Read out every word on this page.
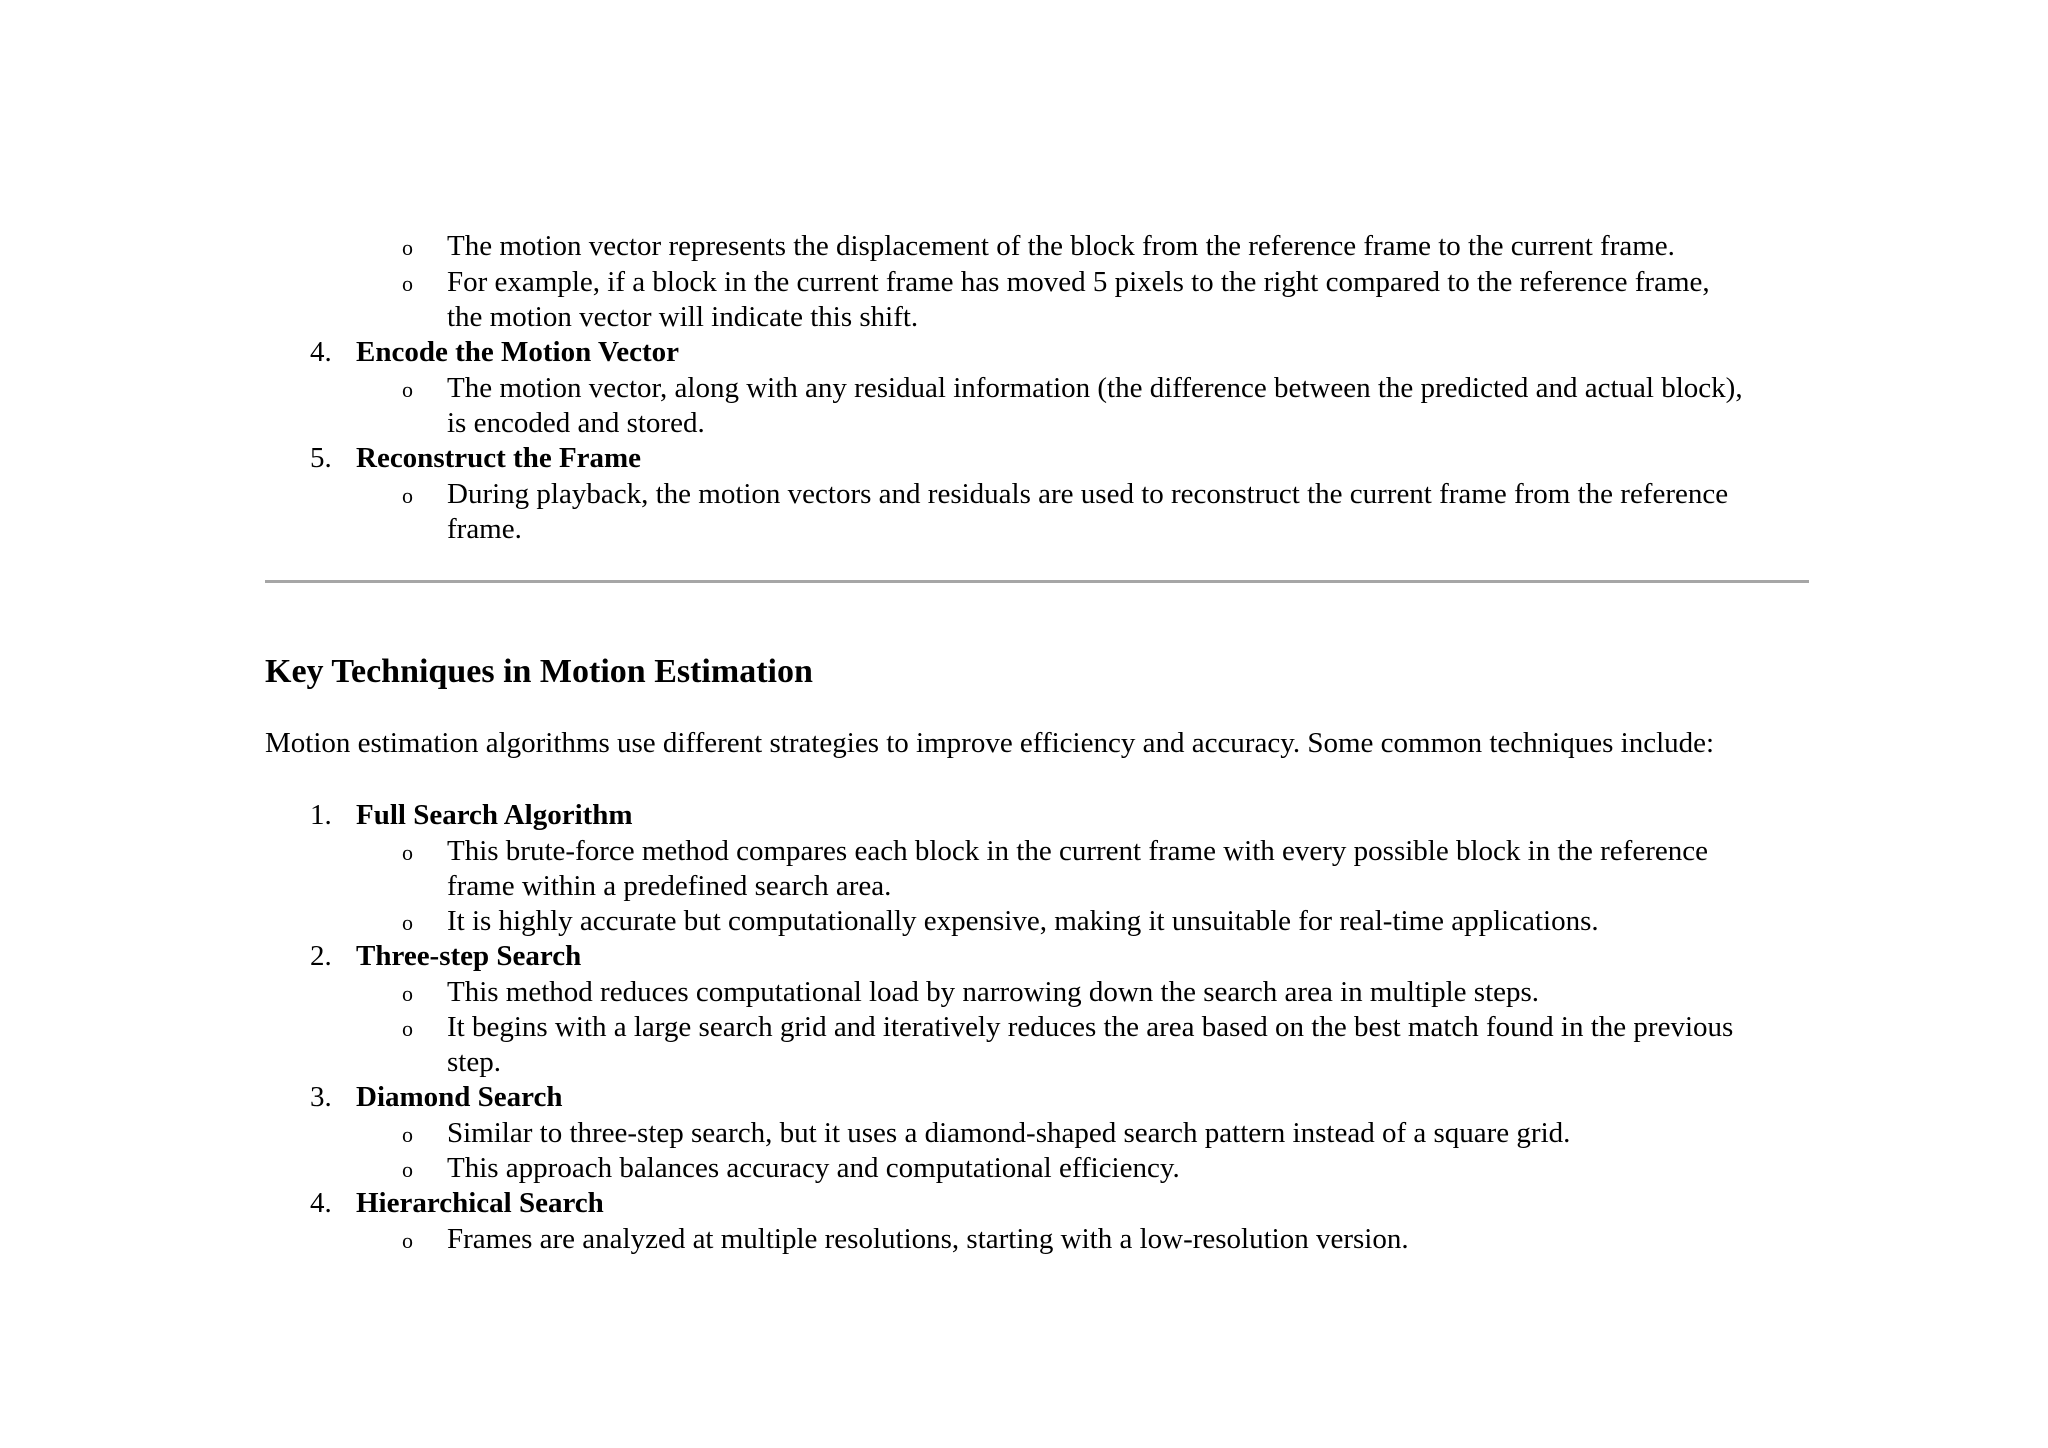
o The motion vector represents the displacement of the block from the reference frame to the current frame.
o For example, if a block in the current frame has moved 5 pixels to the right compared to the reference frame,
the motion vector will indicate this shift.
4. Encode the Motion Vector
o The motion vector, along with any residual information (the difference between the predicted and actual block),
is encoded and stored.
5. Reconstruct the Frame
o During playback, the motion vectors and residuals are used to reconstruct the current frame from the reference
frame.
Key Techniques in Motion Estimation
Motion estimation algorithms use different strategies to improve efficiency and accuracy. Some common techniques include:
1. Full Search Algorithm
o This brute-force method compares each block in the current frame with every possible block in the reference
frame within a predefined search area.
o It is highly accurate but computationally expensive, making it unsuitable for real-time applications.
2. Three-step Search
o This method reduces computational load by narrowing down the search area in multiple steps.
o It begins with a large search grid and iteratively reduces the area based on the best match found in the previous
step.
3. Diamond Search
o Similar to three-step search, but it uses a diamond-shaped search pattern instead of a square grid.
o This approach balances accuracy and computational efficiency.
4. Hierarchical Search
o Frames are analyzed at multiple resolutions, starting with a low-resolution version.
